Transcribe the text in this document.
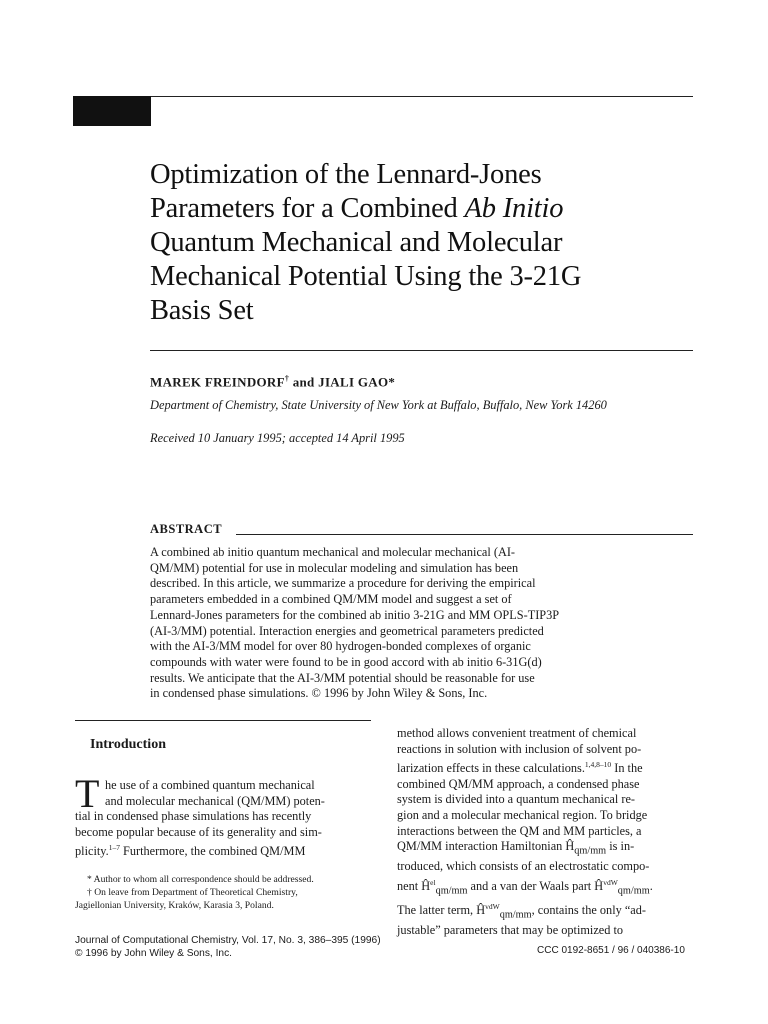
Optimization of the Lennard-Jones
Parameters for a Combined Ab Initio
Quantum Mechanical and Molecular
Mechanical Potential Using the 3-21G
Basis Set
MAREK FREINDORF† and JIALI GAO*
Department of Chemistry, State University of New York at Buffalo, Buffalo, New York 14260
Received 10 January 1995; accepted 14 April 1995
ABSTRACT

A combined ab initio quantum mechanical and molecular mechanical (AI-

QM/MM) potential for use in molecular modeling and simulation has been

described. In this article, we summarize a procedure for deriving the empirical

parameters embedded in a combined QM/MM model and suggest a set of

Lennard-Jones parameters for the combined ab initio 3-21G and MM OPLS-TIP3P

(AI-3/MM) potential. Interaction energies and geometrical parameters predicted

with the AI-3/MM model for over 80 hydrogen-bonded complexes of organic

compounds with water were found to be in good accord with ab initio 6-31G(d)

results. We anticipate that the AI-3/MM potential should be reasonable for use

in condensed phase simulations. © 1996 by John Wiley & Sons, Inc.

Introduction
T he use of a combined quantum mechanical

and molecular mechanical (QM/MM) poten-

tial in condensed phase simulations has recently

become popular because of its generality and sim-

plicity.$^{1-7}$ Furthermore, the combined QM/MM

* Author to whom all correspondence should be addressed.

† On leave from Department of Theoretical Chemistry,

Jagiellonian University, Kraków, Karasia 3, Poland.

method allows convenient treatment of chemical

reactions in solution with inclusion of solvent po-

larization effects in these calculations.$^{1,4,8-10}$ In the

combined QM/MM approach, a condensed phase

system is divided into a quantum mechanical re-

gion and a molecular mechanical region. To bridge

interactions between the QM and MM particles, a

QM/MM interaction Hamiltonian $Ĥ_{qm/mm}$ is in-

troduced, which consists of an electrostatic compo-

nent $Ĥ^{el}_{qm/mm}$ and a van der Waals part $Ĥ^{vdW}_{qm/mm}$.

The latter term, $Ĥ^{vdW}_{qm/mm}$, contains the only “ad-

justable” parameters that may be optimized to

Journal of Computational Chemistry, Vol. 17, No. 3, 386–395 (1996)

© 1996 by John Wiley & Sons, Inc.	CCC 0192-8651 / 96 / 040386-10
